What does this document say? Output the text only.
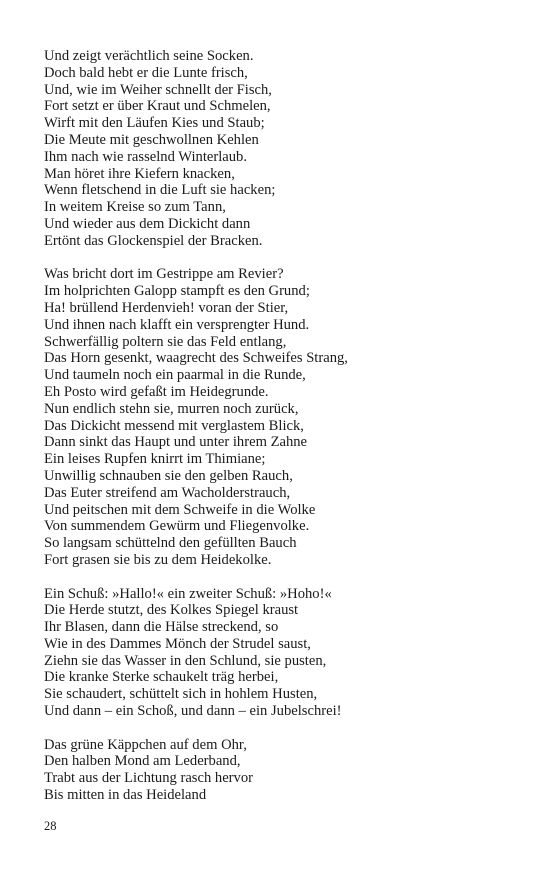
Und zeigt verächtlich seine Socken.
Doch bald hebt er die Lunte frisch,
Und, wie im Weiher schnellt der Fisch,
Fort setzt er über Kraut und Schmelen,
Wirft mit den Läufen Kies und Staub;
Die Meute mit geschwollnen Kehlen
Ihm nach wie rasselnd Winterlaub.
Man höret ihre Kiefern knacken,
Wenn fletschend in die Luft sie hacken;
In weitem Kreise so zum Tann,
Und wieder aus dem Dickicht dann
Ertönt das Glockenspiel der Bracken.
Was bricht dort im Gestrippe am Revier?
Im holprichten Galopp stampft es den Grund;
Ha! brüllend Herdenvieh! voran der Stier,
Und ihnen nach klafft ein versprengter Hund.
Schwerfällig poltern sie das Feld entlang,
Das Horn gesenkt, waagrecht des Schweifes Strang,
Und taumeln noch ein paarmal in die Runde,
Eh Posto wird gefaßt im Heidegrunde.
Nun endlich stehn sie, murren noch zurück,
Das Dickicht messend mit verglastem Blick,
Dann sinkt das Haupt und unter ihrem Zahne
Ein leises Rupfen knirrt im Thimiane;
Unwillig schnauben sie den gelben Rauch,
Das Euter streifend am Wacholderstrauch,
Und peitschen mit dem Schweife in die Wolke
Von summendem Gewürm und Fliegenvolke.
So langsam schüttelnd den gefüllten Bauch
Fort grasen sie bis zu dem Heidekolke.
Ein Schuß: »Hallo!« ein zweiter Schuß: »Hoho!«
Die Herde stutzt, des Kolkes Spiegel kraust
Ihr Blasen, dann die Hälse streckend, so
Wie in des Dammes Mönch der Strudel saust,
Ziehn sie das Wasser in den Schlund, sie pusten,
Die kranke Sterke schaukelt träg herbei,
Sie schaudert, schüttelt sich in hohlem Husten,
Und dann – ein Schoß, und dann – ein Jubelschrei!
Das grüne Käppchen auf dem Ohr,
Den halben Mond am Lederband,
Trabt aus der Lichtung rasch hervor
Bis mitten in das Heideland
28
